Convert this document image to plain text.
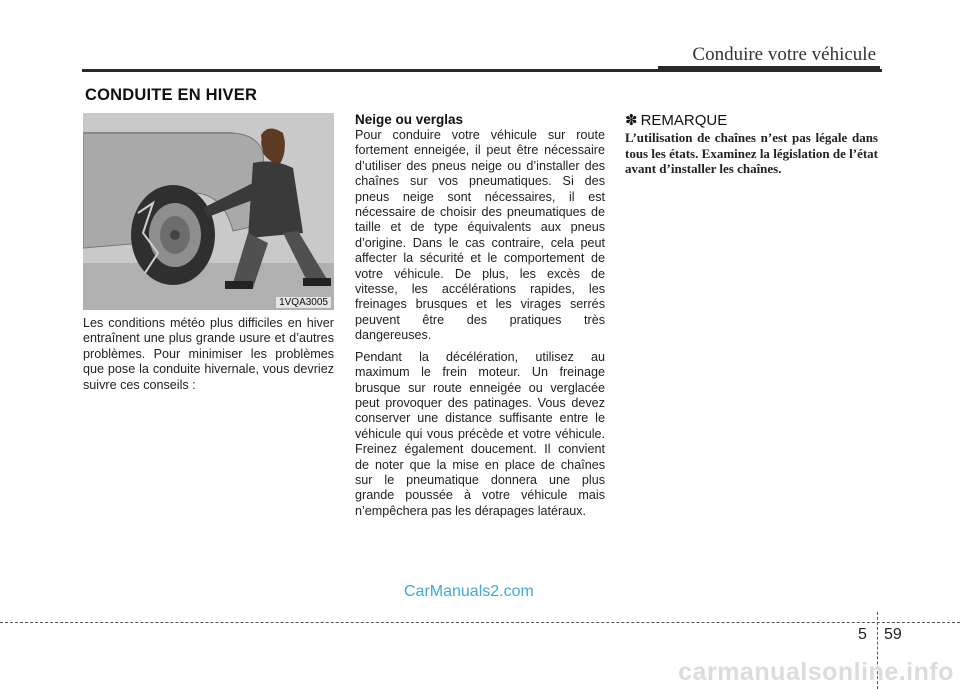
Conduire votre véhicule
CONDUITE EN HIVER
1VQA3005

Les conditions météo plus difficiles en hiver entraînent une plus grande usure et d’autres problèmes. Pour minimiser les problèmes que pose la conduite hivernale, vous devriez suivre ces conseils :

Neige ou verglas

Pour conduire votre véhicule sur route fortement enneigée, il peut être nécessaire d’utiliser des pneus neige ou d’installer des chaînes sur vos pneumatiques. Si des pneus neige sont nécessaires, il est nécessaire de choisir des pneumatiques de taille et de type équivalents aux pneus d’origine. Dans le cas contraire, cela peut affecter la sécurité et le comportement de votre véhicule. De plus, les excès de vitesse, les accélérations rapides, les freinages brusques et les virages serrés peuvent être des pratiques très dangereuses.

Pendant la décélération, utilisez au maximum le frein moteur. Un freinage brusque sur route enneigée ou verglacée peut provoquer des patinages. Vous devez conserver une distance suffisante entre le véhicule qui vous précède et votre véhicule. Freinez également doucement. Il convient de noter que la mise en place de chaînes sur le pneumatique donnera une plus grande poussée à votre véhicule mais n’empêchera pas les dérapages latéraux.

✽ REMARQUE

L’utilisation de chaînes n’est pas légale dans tous les états. Examinez la législation de l’état avant d’installer les chaînes.

CarManuals2.com
5 59
carmanualsonline.info
